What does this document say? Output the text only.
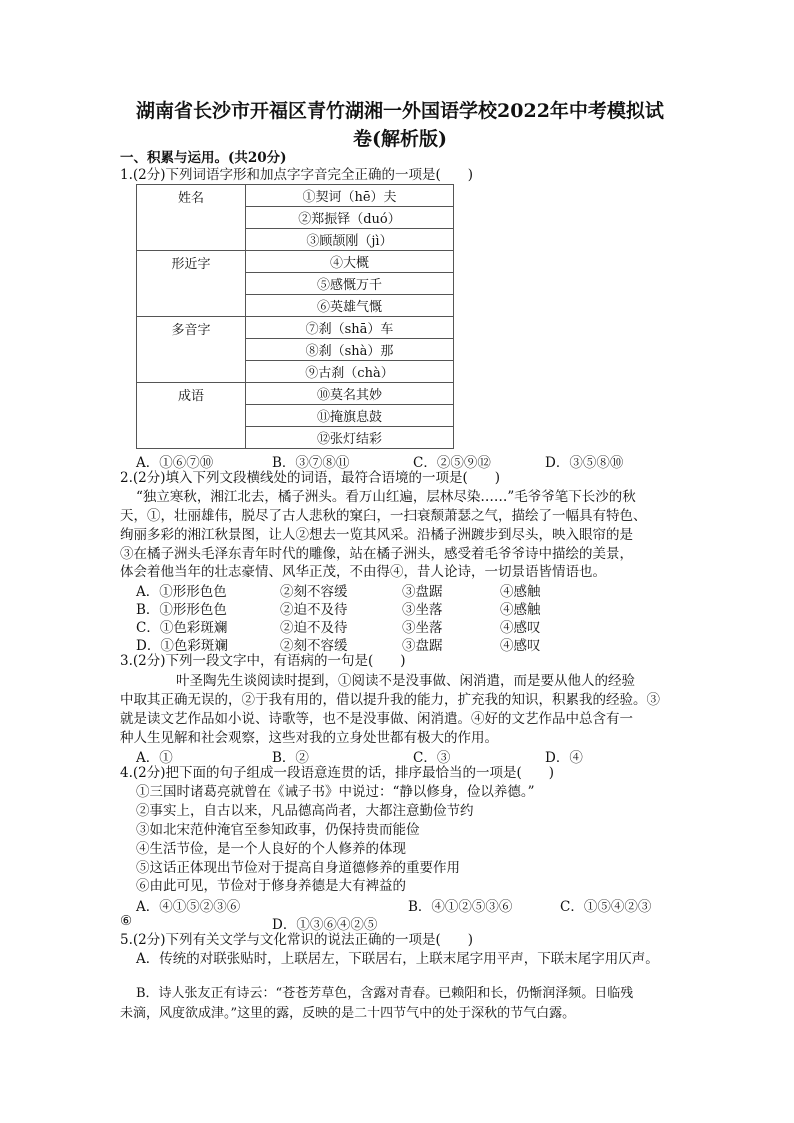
湖南省长沙市开福区青竹湖湘一外国语学校2022年中考模拟试
卷(解析版)
一、积累与运用。(共20分)
1.(2分)下列词语字形和加点字字音完全正确的一项是(　　)
姓名	①契诃（hē）夫
	②郑振铎（duó）
	③顾颉刚（jì）
形近字	④大概
	⑤感慨万千
	⑥英雄气慨
多音字	⑦刹（shā）车
	⑧刹（shà）那
	⑨古刹（chà）
成语	⑩莫名其妙
	⑪掩旗息鼓
	⑫张灯结彩
A．①⑥⑦⑩	B．③⑦⑧⑪	C．②⑤⑨⑫	D．③⑤⑧⑩
2.(2分)填入下列文段横线处的词语，最符合语境的一项是(　　)
“独立寒秋，湘江北去，橘子洲头。看万山红遍，层林尽染……”毛爷爷笔下长沙的秋
天，①，壮丽雄伟，脱尽了古人悲秋的窠臼，一扫衰颓萧瑟之气，描绘了一幅具有特色、
绚丽多彩的湘江秋景图，让人②想去一览其风采。沿橘子洲踱步到尽头，映入眼帘的是
③在橘子洲头毛泽东青年时代的雕像，站在橘子洲头，感受着毛爷爷诗中描绘的美景，
体会着他当年的壮志豪情、风华正茂，不由得④，昔人论诗，一切景语皆情语也。
A．①形形色色	②刻不容缓	③盘踞	④感触
B．①形形色色	②迫不及待	③坐落	④感触
C．①色彩斑斓	②迫不及待	③坐落	④感叹
D．①色彩斑斓	②刻不容缓	③盘踞	④感叹
3.(2分)下列一段文字中，有语病的一句是(　　)
叶圣陶先生谈阅读时提到，①阅读不是没事做、闲消遣，而是要从他人的经验
中取其正确无误的，②于我有用的，借以提升我的能力，扩充我的知识，积累我的经验。③
就是读文艺作品如小说、诗歌等，也不是没事做、闲消遣。④好的文艺作品中总含有一
种人生见解和社会观察，这些对我的立身处世都有极大的作用。
A．①	B．②	C．③	D．④
4.(2分)把下面的句子组成一段语意连贯的话，排序最恰当的一项是(　　)
①三国时诸葛亮就曾在《诫子书》中说过：“静以修身，俭以养德。”
②事实上，自古以来，凡品德高尚者，大都注意勤俭节约
③如北宋范仲淹官至参知政事，仍保持贵而能俭
④生活节俭，是一个人良好的个人修养的体现
⑤这话正体现出节俭对于提高自身道德修养的重要作用
⑥由此可见，节俭对于修身养德是大有裨益的
A．④①⑤②③⑥	B．④①②⑤③⑥	C．①⑤④②③
⑥	D．①③⑥④②⑤
5.(2分)下列有关文学与文化常识的说法正确的一项是(　　)
A．传统的对联张贴时，上联居左，下联居右，上联末尾字用平声，下联末尾字用仄声。
B．诗人张友正有诗云：“苍苍芳草色，含露对青春。已赖阳和长，仍惭润泽频。日临残
未滴，风度欲成津。”这里的露，反映的是二十四节气中的处于深秋的节气白露。
